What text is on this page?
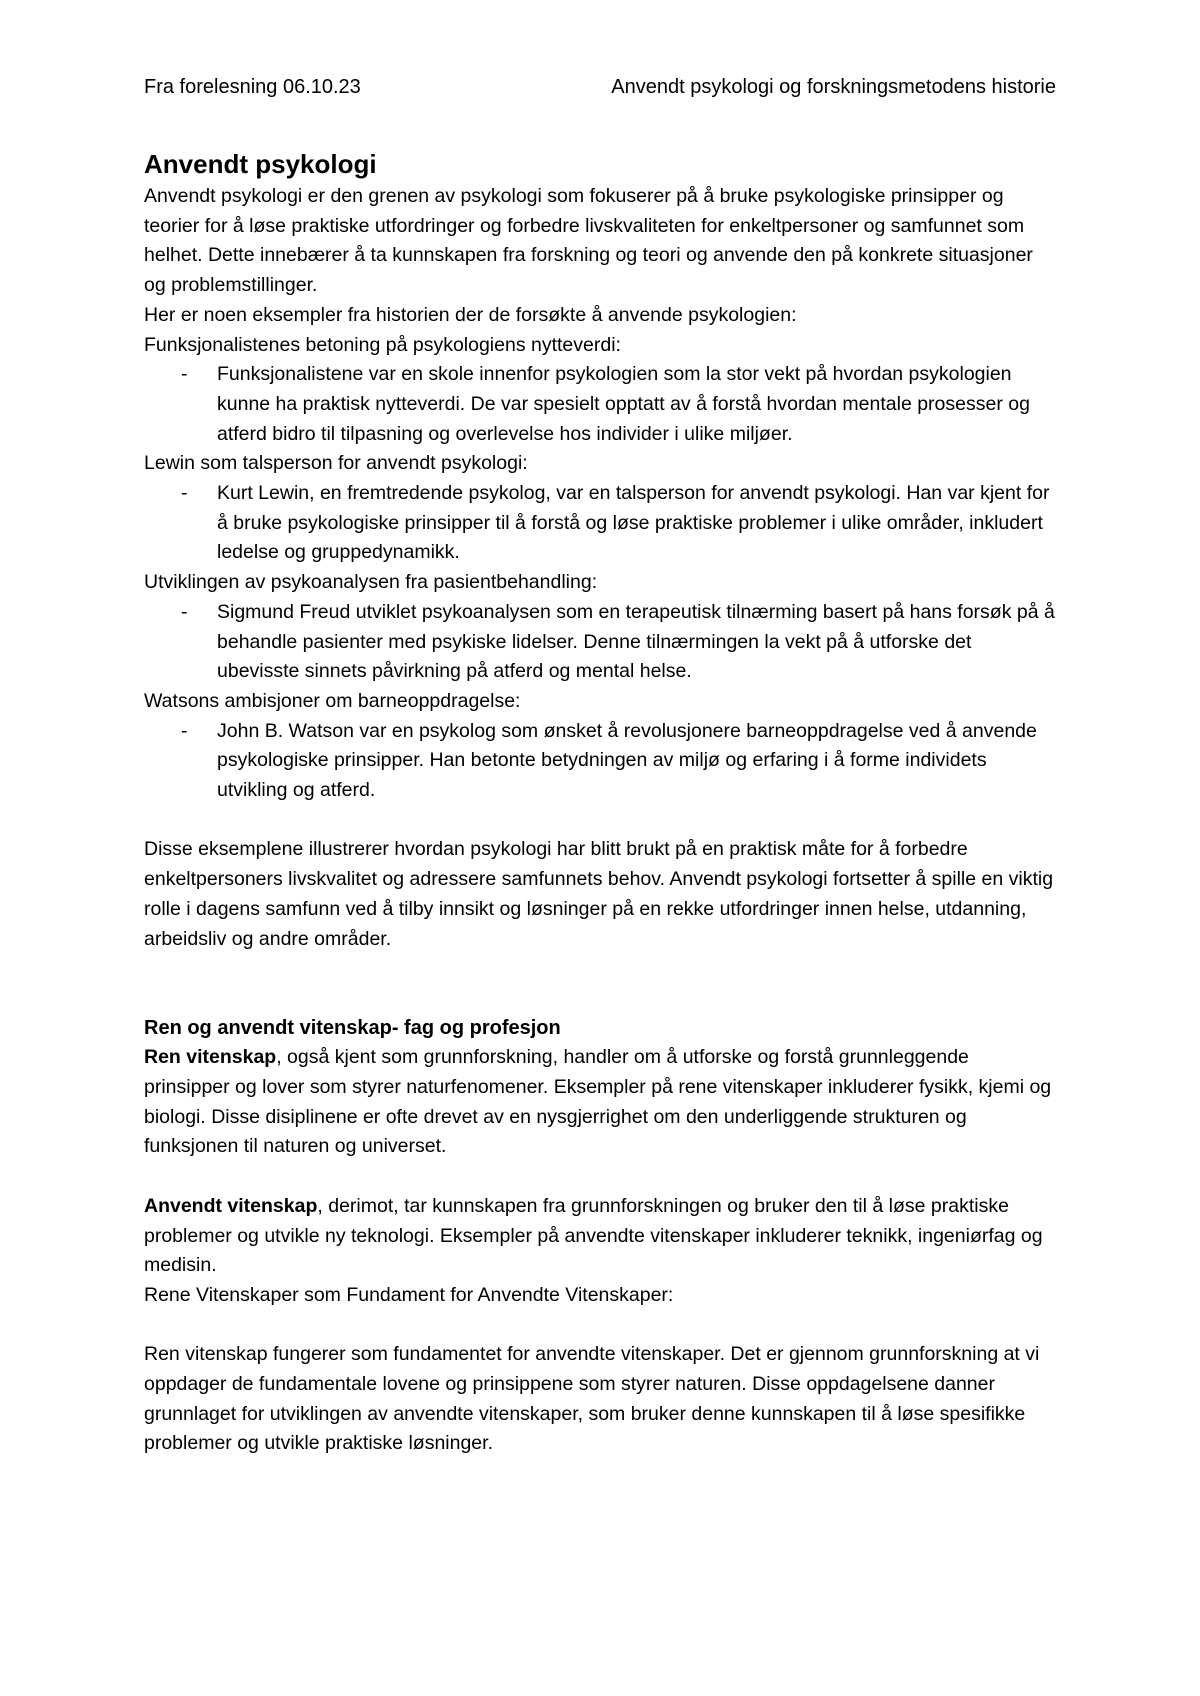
Fra forelesning 06.10.23	Anvendt psykologi og forskningsmetodens historie
Anvendt psykologi

Anvendt psykologi er den grenen av psykologi som fokuserer på å bruke psykologiske prinsipper og teorier for å løse praktiske utfordringer og forbedre livskvaliteten for enkeltpersoner og samfunnet som helhet. Dette innebærer å ta kunnskapen fra forskning og teori og anvende den på konkrete situasjoner og problemstillinger.

Her er noen eksempler fra historien der de forsøkte å anvende psykologien:

Funksjonalistenes betoning på psykologiens nytteverdi:

- Funksjonalistene var en skole innenfor psykologien som la stor vekt på hvordan psykologien kunne ha praktisk nytteverdi. De var spesielt opptatt av å forstå hvordan mentale prosesser og atferd bidro til tilpasning og overlevelse hos individer i ulike miljøer.

Lewin som talsperson for anvendt psykologi:

- Kurt Lewin, en fremtredende psykolog, var en talsperson for anvendt psykologi. Han var kjent for å bruke psykologiske prinsipper til å forstå og løse praktiske problemer i ulike områder, inkludert ledelse og gruppedynamikk.

Utviklingen av psykoanalysen fra pasientbehandling:

- Sigmund Freud utviklet psykoanalysen som en terapeutisk tilnærming basert på hans forsøk på å behandle pasienter med psykiske lidelser. Denne tilnærmingen la vekt på å utforske det ubevisste sinnets påvirkning på atferd og mental helse.

Watsons ambisjoner om barneoppdragelse:

- John B. Watson var en psykolog som ønsket å revolusjonere barneoppdragelse ved å anvende psykologiske prinsipper. Han betonte betydningen av miljø og erfaring i å forme individets utvikling og atferd.

Disse eksemplene illustrerer hvordan psykologi har blitt brukt på en praktisk måte for å forbedre enkeltpersoners livskvalitet og adressere samfunnets behov. Anvendt psykologi fortsetter å spille en viktig rolle i dagens samfunn ved å tilby innsikt og løsninger på en rekke utfordringer innen helse, utdanning, arbeidsliv og andre områder.

Ren og anvendt vitenskap- fag og profesjon

Ren vitenskap, også kjent som grunnforskning, handler om å utforske og forstå grunnleggende prinsipper og lover som styrer naturfenomener. Eksempler på rene vitenskaper inkluderer fysikk, kjemi og biologi. Disse disiplinene er ofte drevet av en nysgjerrighet om den underliggende strukturen og funksjonen til naturen og universet.

Anvendt vitenskap, derimot, tar kunnskapen fra grunnforskningen og bruker den til å løse praktiske problemer og utvikle ny teknologi. Eksempler på anvendte vitenskaper inkluderer teknikk, ingeniørfag og medisin.

Rene Vitenskaper som Fundament for Anvendte Vitenskaper:

Ren vitenskap fungerer som fundamentet for anvendte vitenskaper. Det er gjennom grunnforskning at vi oppdager de fundamentale lovene og prinsippene som styrer naturen. Disse oppdagelsene danner grunnlaget for utviklingen av anvendte vitenskaper, som bruker denne kunnskapen til å løse spesifikke problemer og utvikle praktiske løsninger.
